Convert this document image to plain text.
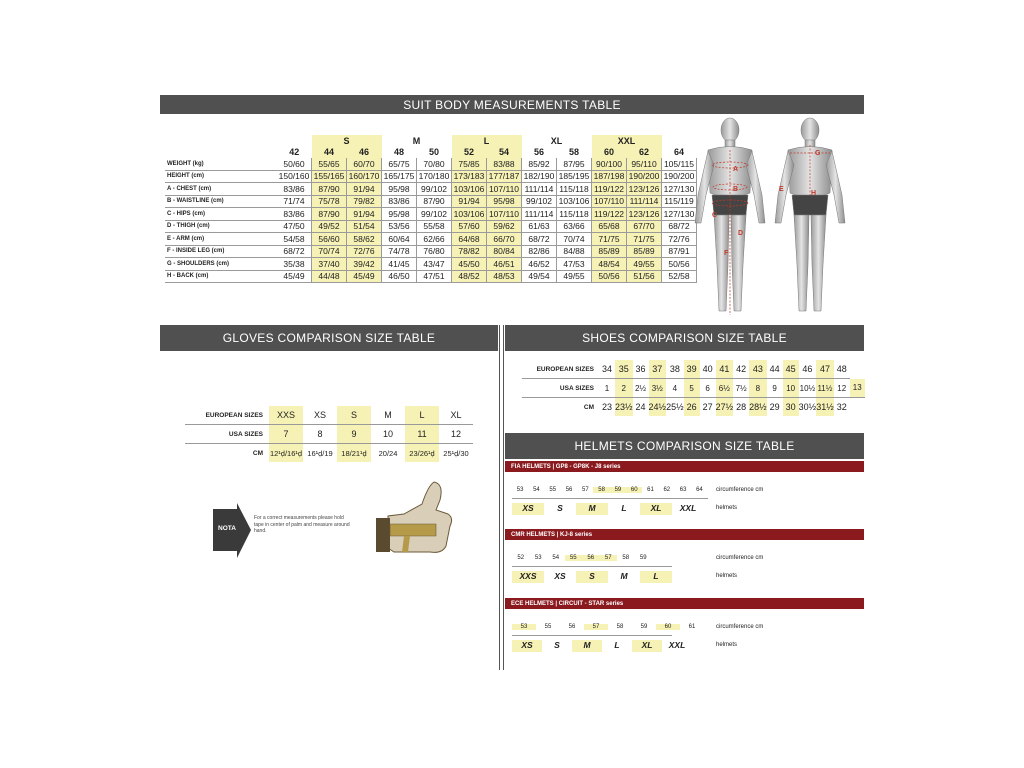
SUIT BODY MEASUREMENTS TABLE
		S		M		L		XL		XXL		
	42	44	46	48	50	52	54	56	58	60	62	64
WEIGHT (kg)	50/60	55/65	60/70	65/75	70/80	75/85	83/88	85/92	87/95	90/100	95/110	105/115
HEIGHT (cm)	150/160	155/165	160/170	165/175	170/180	173/183	177/187	182/190	185/195	187/198	190/200	190/200
A - CHEST (cm)	83/86	87/90	91/94	95/98	99/102	103/106	107/110	111/114	115/118	119/122	123/126	127/130
B - WAISTLINE (cm)	71/74	75/78	79/82	83/86	87/90	91/94	95/98	99/102	103/106	107/110	111/114	115/119
C - HIPS (cm)	83/86	87/90	91/94	95/98	99/102	103/106	107/110	111/114	115/118	119/122	123/126	127/130
D - THIGH (cm)	47/50	49/52	51/54	53/56	55/58	57/60	59/62	61/63	63/66	65/68	67/70	68/72
E - ARM (cm)	54/58	56/60	58/62	60/64	62/66	64/68	66/70	68/72	70/74	71/75	71/75	72/76
F - INSIDE LEG (cm)	68/72	70/74	72/76	74/78	76/80	78/82	80/84	82/86	84/88	85/89	85/89	87/91
G - SHOULDERS (cm)	35/38	37/40	39/42	41/45	43/47	45/50	46/51	46/52	47/53	48/54	49/55	50/56
H - BACK (cm)	45/49	44/48	45/49	46/50	47/51	48/52	48/53	49/54	49/55	50/56	51/56	52/58
A
B
C
D
F
G
E
H
GLOVES COMPARISON SIZE TABLE
EUROPEAN SIZES	XXS	XS	S	M	L	XL
USA SIZES	7	8	9	10	11	12
CM	12¹ḍ/16¹ḍ	16¹ḍ/19	18/21¹ḍ	20/24	23/26¹ḍ	25¹ḍ/30
NOTA
For a correct measurements please hold tape in center of palm and measure around hand.
SHOES COMPARISON SIZE TABLE
EUROPEAN SIZES	34	35	36	37	38	39	40	41	42	43	44	45	46	47	48	
USA SIZES	1	2	2½	3½	4	5	6	6½	7½	8	9	10	10½	11½	12	13
CM	23	23½	24	24½	25½	26	27	27½	28	28½	29	30	30½	31½	32	
HELMETS COMPARISON SIZE TABLE
FIA HELMETS | GP8 - GP8K - J8 series
53	54	55	56	57	58	59	60	61	62	63	64
XS	S	M	L	XL	XXL
circumference cm
helmets
CMR HELMETS | KJ-8 series
52	53	54	55	56	57	58	59
XXS	XS	S	M	L
circumference cm
helmets
ECE HELMETS | CIRCUIT - STAR series
53	55	56	57	58	59	60	61
XS	S	M	L	XL	XXL
circumference cm
helmets
